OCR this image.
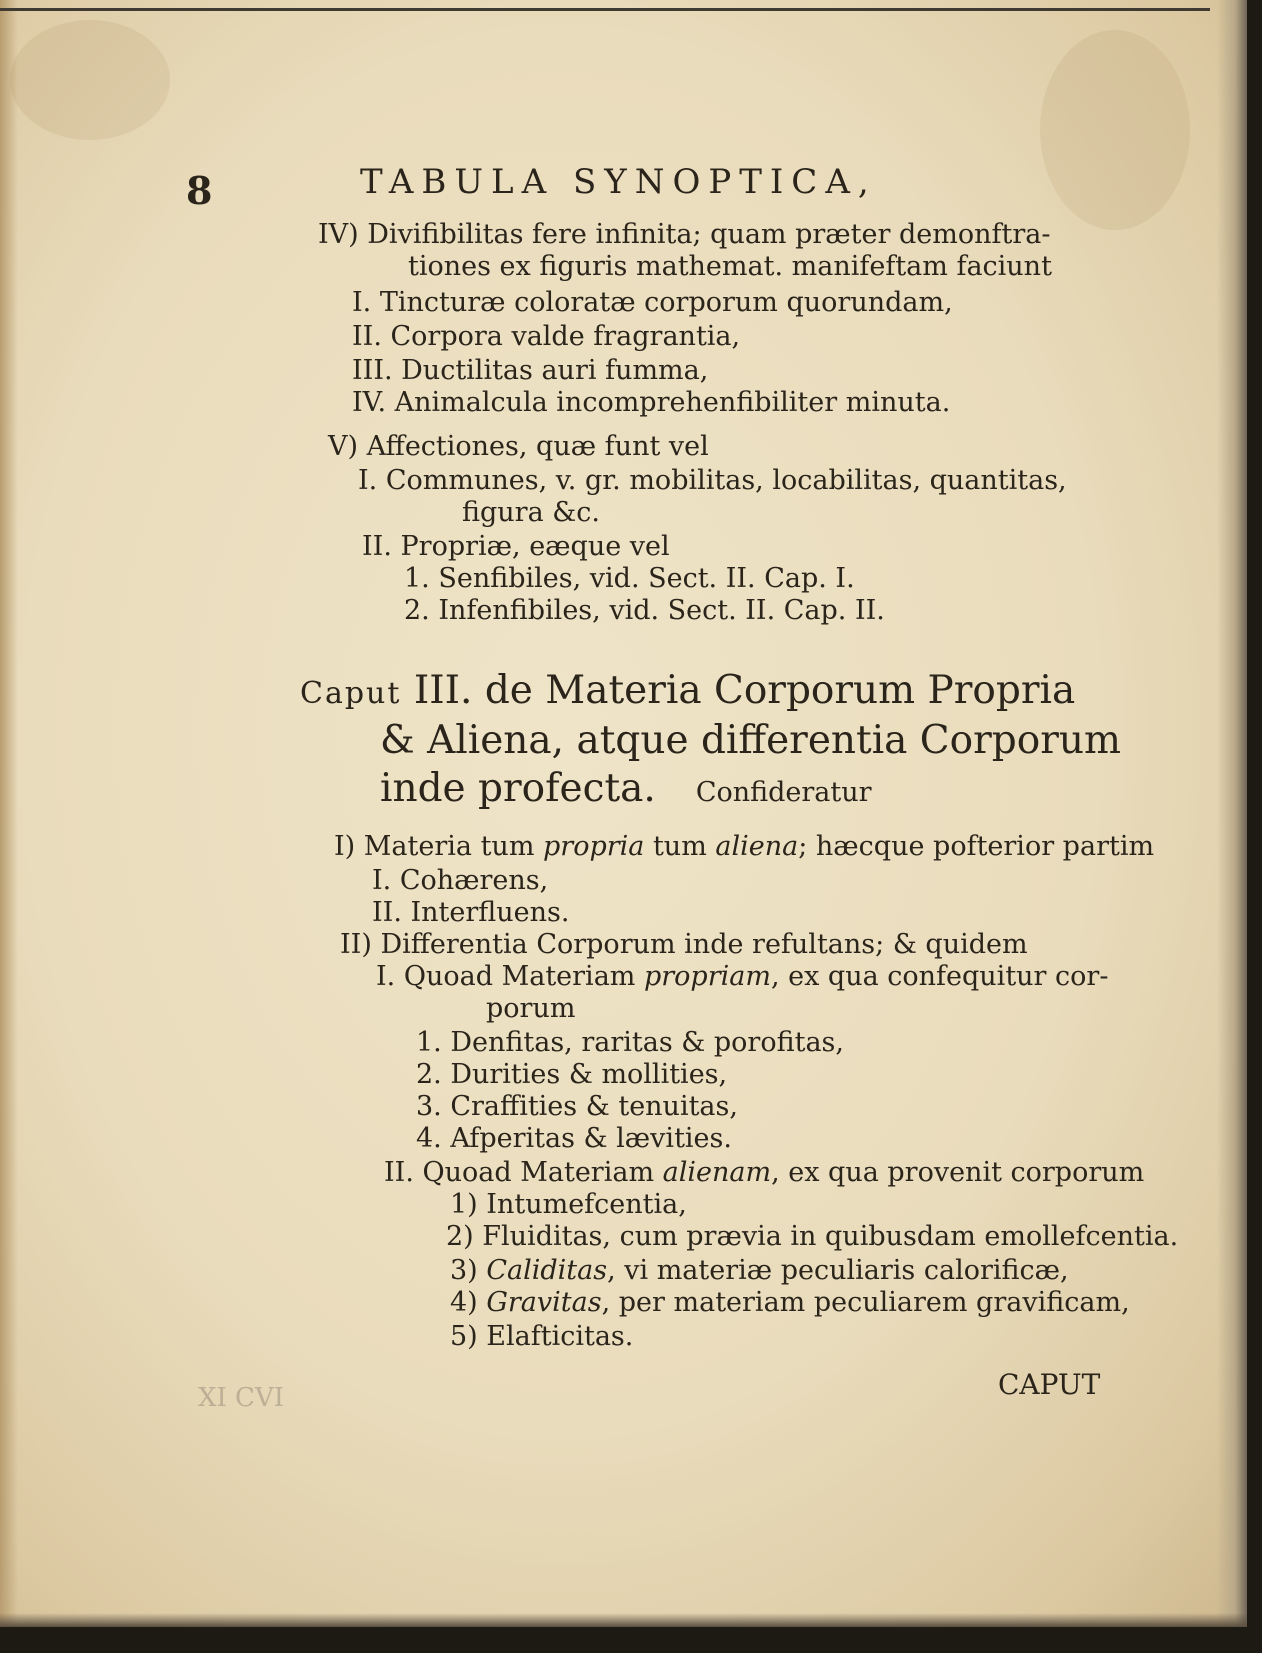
8	TABULA SYNOPTICA,
IV) Divifibilitas fere infinita; quam præter demonftra-
tiones ex figuris mathemat. manifeftam faciunt
I. Tincturæ coloratæ corporum quorundam,
II. Corpora valde fragrantia,
III. Ductilitas auri fumma,
IV. Animalcula incomprehenfibiliter minuta.
V) Affectiones, quæ funt vel
I. Communes, v. gr. mobilitas, locabilitas, quantitas,
figura &c.
II. Propriæ, eæque vel
1. Senfibiles, vid. Sect. II. Cap. I.
2. Infenfibiles, vid. Sect. II. Cap. II.
Caput III. de Materia Corporum Propria
& Aliena, atque differentia Corporum
inde profecta. Confideratur
I) Materia tum propria tum aliena; hæcque pofterior partim
I. Cohærens,
II. Interfluens.
II) Differentia Corporum inde refultans; & quidem
I. Quoad Materiam propriam, ex qua confequitur cor-
porum
1. Denfitas, raritas & porofitas,
2. Durities & mollities,
3. Craffities & tenuitas,
4. Afperitas & lævities.
II. Quoad Materiam alienam, ex qua provenit corporum
1) Intumefcentia,
2) Fluiditas, cum prævia in quibusdam emollefcentia.
3) Caliditas, vi materiæ peculiaris calorificæ,
4) Gravitas, per materiam peculiarem gravificam,
5) Elafticitas.
XI CVI	CAPUT
